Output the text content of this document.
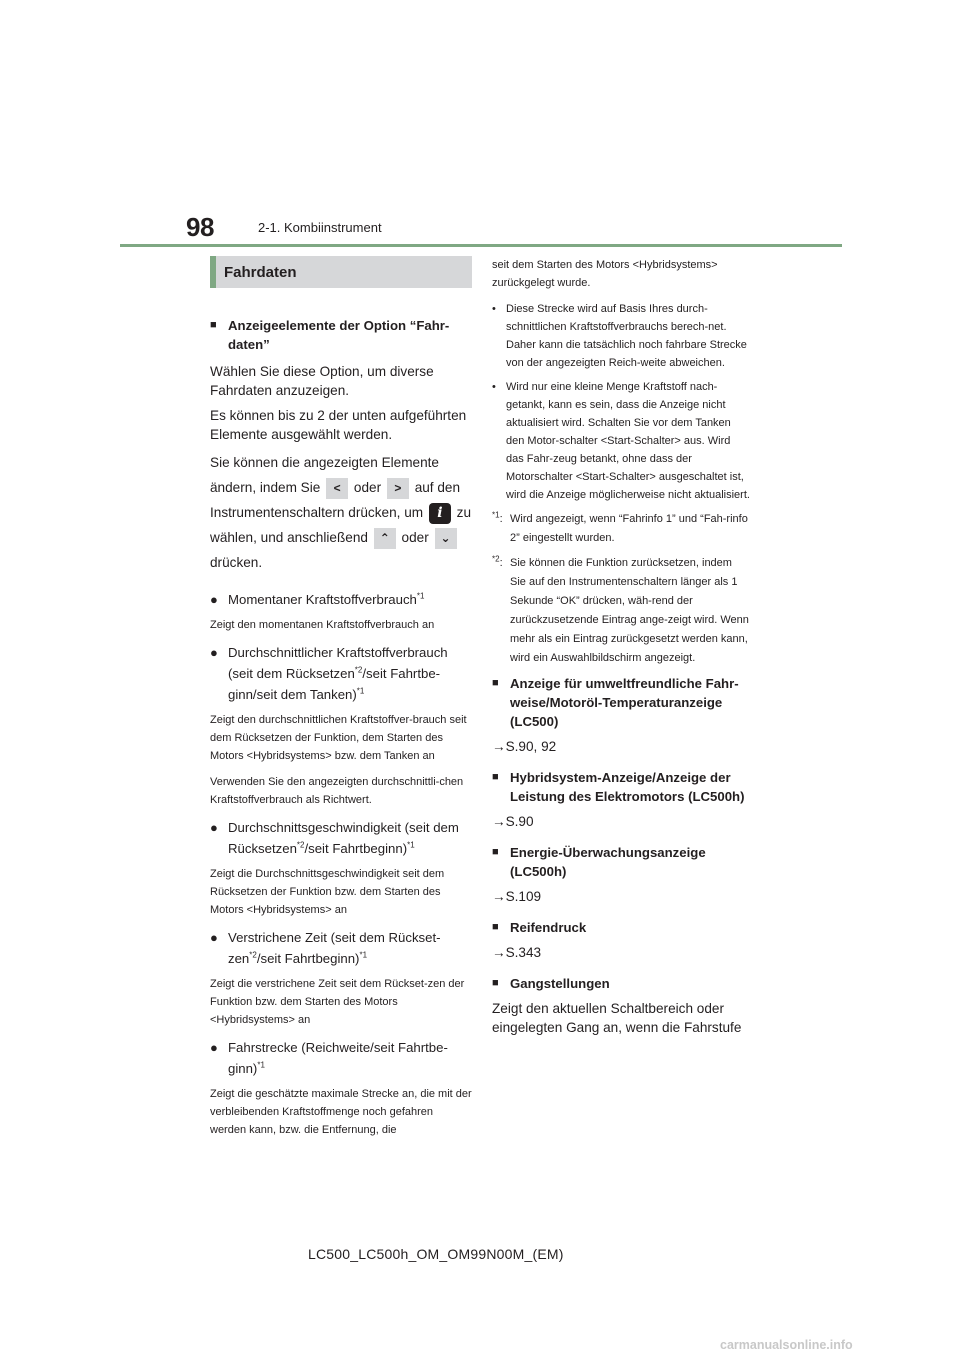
98	2-1. Kombiinstrument
Fahrdaten
■ Anzeigeelemente der Option “Fahr-daten”

Wählen Sie diese Option, um diverse Fahrdaten anzuzeigen.

Es können bis zu 2 der unten aufgeführten Elemente ausgewählt werden.

Sie können die angezeigten Elemente

ändern, indem Sie < oder > auf den

Instrumentenschaltern drücken, um i zu

wählen, und anschließend ⌃ oder ⌄

drücken.

● Momentaner Kraftstoffverbrauch$^{*1}$

Zeigt den momentanen Kraftstoffverbrauch an

● Durchschnittlicher Kraftstoffverbrauch (seit dem Rücksetzen$^{*2}$/seit Fahrtbe-ginn/seit dem Tanken)$^{*1}$

Zeigt den durchschnittlichen Kraftstoffver-brauch seit dem Rücksetzen der Funktion, dem Starten des Motors <Hybridsystems> bzw. dem Tanken an

Verwenden Sie den angezeigten durchschnittli-chen Kraftstoffverbrauch als Richtwert.

● Durchschnittsgeschwindigkeit (seit dem Rücksetzen$^{*2}$/seit Fahrtbeginn)$^{*1}$

Zeigt die Durchschnittsgeschwindigkeit seit dem Rücksetzen der Funktion bzw. dem Starten des Motors <Hybridsystems> an

● Verstrichene Zeit (seit dem Rückset-zen$^{*2}$/seit Fahrtbeginn)$^{*1}$

Zeigt die verstrichene Zeit seit dem Rückset-zen der Funktion bzw. dem Starten des Motors <Hybridsystems> an

● Fahrstrecke (Reichweite/seit Fahrtbe-ginn)$^{*1}$

Zeigt die geschätzte maximale Strecke an, die mit der verbleibenden Kraftstoffmenge noch gefahren werden kann, bzw. die Entfernung, die

seit dem Starten des Motors <Hybridsystems> zurückgelegt wurde.

• Diese Strecke wird auf Basis Ihres durch-schnittlichen Kraftstoffverbrauchs berech-net. Daher kann die tatsächlich noch fahrbare Strecke von der angezeigten Reich-weite abweichen.
• Wird nur eine kleine Menge Kraftstoff nach-getankt, kann es sein, dass die Anzeige nicht aktualisiert wird. Schalten Sie vor dem Tanken den Motor-schalter <Start-Schalter> aus. Wird das Fahr-zeug betankt, ohne dass der Motorschalter <Start-Schalter> ausgeschaltet ist, wird die Anzeige möglicherweise nicht aktualisiert.
$^{*1}$: Wird angezeigt, wenn “Fahrinfo 1” und “Fah-rinfo 2” eingestellt wurden.
$^{*2}$: Sie können die Funktion zurücksetzen, indem Sie auf den Instrumentenschaltern länger als 1 Sekunde “OK” drücken, wäh-rend der zurückzusetzende Eintrag ange-zeigt wird. Wenn mehr als ein Eintrag zurückgesetzt werden kann, wird ein Auswahlbildschirm angezeigt.
■ Anzeige für umweltfreundliche Fahr-weise/Motoröl-Temperaturanzeige (LC500)

→S.90, 92

■ Hybridsystem-Anzeige/Anzeige der Leistung des Elektromotors (LC500h)

→S.90

■ Energie-Überwachungsanzeige (LC500h)

→S.109

■ Reifendruck

→S.343

■ Gangstellungen

Zeigt den aktuellen Schaltbereich oder eingelegten Gang an, wenn die Fahrstufe

LC500_LC500h_OM_OM99N00M_(EM)
carmanualsonline.info
